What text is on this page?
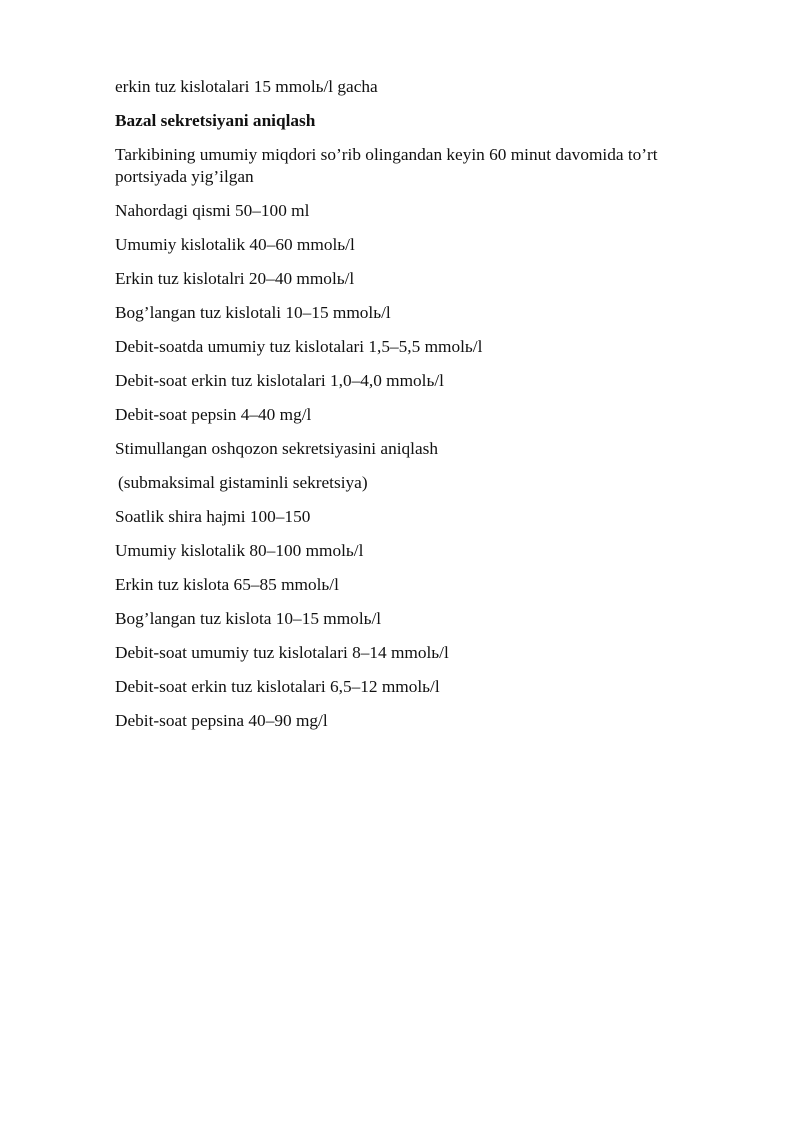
erkin tuz kislotalari 15 mmolь/l gacha
Bazal sekretsiyani aniqlash
Tarkibining umumiy miqdori so’rib olingandan keyin 60 minut davomida to’rt portsiyada yig’ilgan
Nahordagi qismi 50–100 ml
Umumiy kislotalik 40–60 mmolь/l
Erkin tuz kislotalri 20–40 mmolь/l
Bog’langan tuz kislotali 10–15 mmolь/l
Debit-soatda umumiy tuz kislotalari 1,5–5,5 mmolь/l
Debit-soat erkin tuz kislotalari 1,0–4,0 mmolь/l
Debit-soat pepsin 4–40 mg/l
Stimullangan oshqozon sekretsiyasini aniqlash
(submaksimal gistaminli sekretsiya)
Soatlik shira hajmi 100–150
Umumiy kislotalik 80–100 mmolь/l
Erkin tuz kislota 65–85 mmolь/l
Bog’langan tuz kislota 10–15 mmolь/l
Debit-soat umumiy tuz kislotalari 8–14 mmolь/l
Debit-soat erkin tuz kislotalari 6,5–12 mmolь/l
Debit-soat pepsina 40–90 mg/l
